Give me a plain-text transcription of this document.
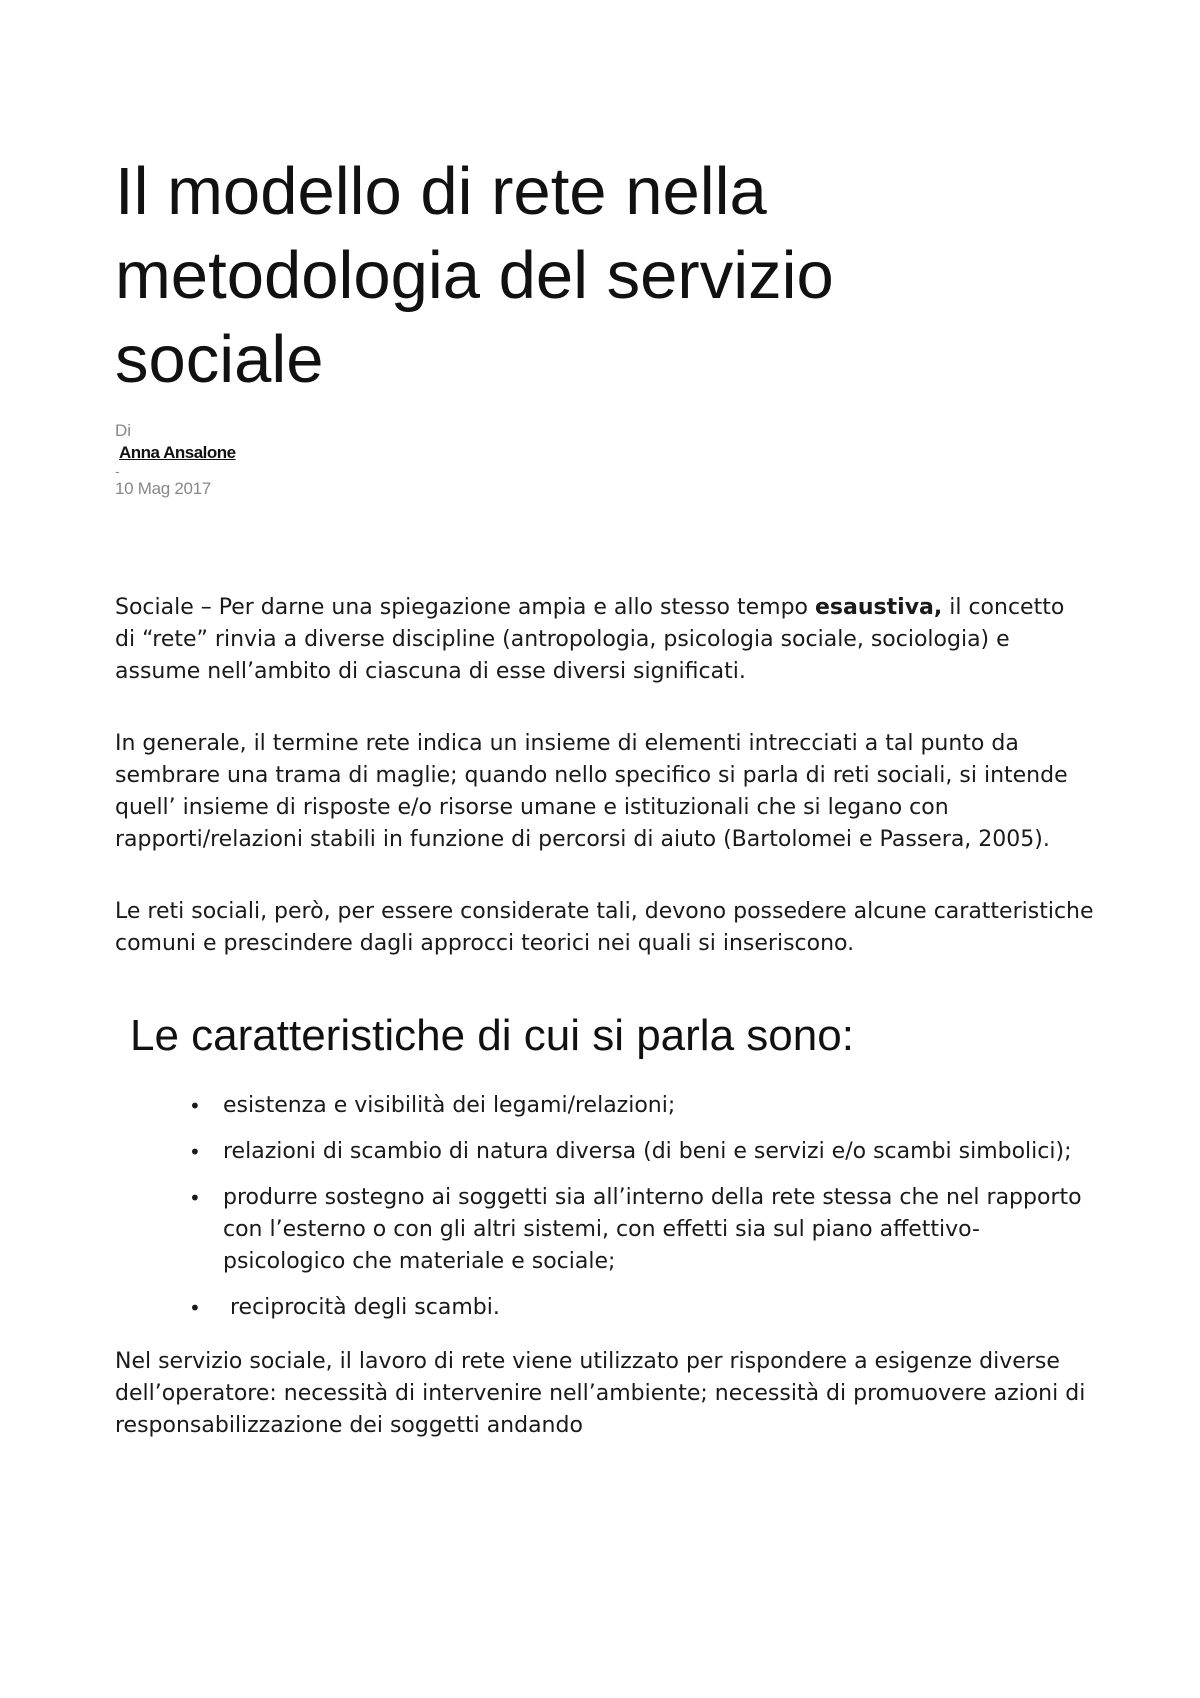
Il modello di rete nella metodologia del servizio sociale
Di
Anna Ansalone
-
10 Mag 2017

Sociale – Per darne una spiegazione ampia e allo stesso tempo esaustiva, il concetto di “rete” rinvia a diverse discipline (antropologia, psicologia sociale, sociologia) e assume nell’ambito di ciascuna di esse diversi significati.

In generale, il termine rete indica un insieme di elementi intrecciati a tal punto da sembrare una trama di maglie; quando nello specifico si parla di reti sociali, si intende quell’ insieme di risposte e/o risorse umane e istituzionali che si legano con rapporti/relazioni stabili in funzione di percorsi di aiuto (Bartolomei e Passera, 2005).

Le reti sociali, però, per essere considerate tali, devono possedere alcune caratteristiche comuni e prescindere dagli approcci teorici nei quali si inseriscono.

Le caratteristiche di cui si parla sono:
• esistenza e visibilità dei legami/relazioni;
• relazioni di scambio di natura diversa (di beni e servizi e/o scambi simbolici);
• produrre sostegno ai soggetti sia all’interno della rete stessa che nel rapporto con l’esterno o con gli altri sistemi, con effetti sia sul piano affettivo-psicologico che materiale e sociale;
• reciprocità degli scambi.

Nel servizio sociale, il lavoro di rete viene utilizzato per rispondere a esigenze diverse dell’operatore: necessità di intervenire nell’ambiente; necessità di promuovere azioni di responsabilizzazione dei soggetti andando
